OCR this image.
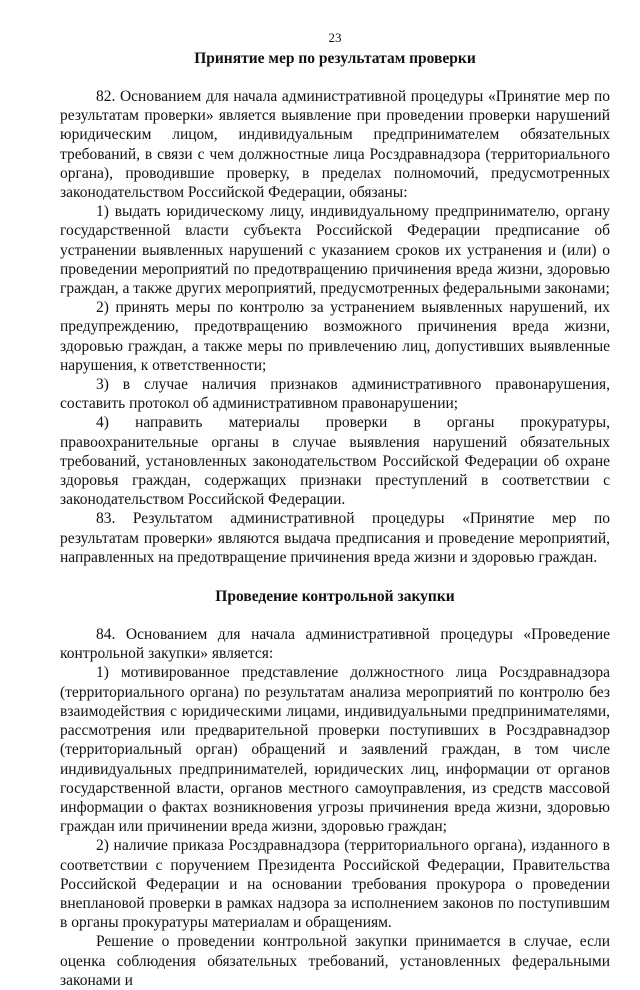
23
Принятие мер по результатам проверки

82. Основанием для начала административной процедуры «Принятие мер по результатам проверки» является выявление при проведении проверки нарушений юридическим лицом, индивидуальным предпринимателем обязательных требований, в связи с чем должностные лица Росздравнадзора (территориального органа), проводившие проверку, в пределах полномочий, предусмотренных законодательством Российской Федерации, обязаны:

1) выдать юридическому лицу, индивидуальному предпринимателю, органу государственной власти субъекта Российской Федерации предписание об устранении выявленных нарушений с указанием сроков их устранения и (или) о проведении мероприятий по предотвращению причинения вреда жизни, здоровью граждан, а также других мероприятий, предусмотренных федеральными законами;

2) принять меры по контролю за устранением выявленных нарушений, их предупреждению, предотвращению возможного причинения вреда жизни, здоровью граждан, а также меры по привлечению лиц, допустивших выявленные нарушения, к ответственности;

3) в случае наличия признаков административного правонарушения, составить протокол об административном правонарушении;

4) направить материалы проверки в органы прокуратуры, правоохранительные органы в случае выявления нарушений обязательных требований, установленных законодательством Российской Федерации об охране здоровья граждан, содержащих признаки преступлений в соответствии с законодательством Российской Федерации.

83. Результатом административной процедуры «Принятие мер по результатам проверки» являются выдача предписания и проведение мероприятий, направленных на предотвращение причинения вреда жизни и здоровью граждан.

Проведение контрольной закупки

84. Основанием для начала административной процедуры «Проведение контрольной закупки» является:

1) мотивированное представление должностного лица Росздравнадзора (территориального органа) по результатам анализа мероприятий по контролю без взаимодействия с юридическими лицами, индивидуальными предпринимателями, рассмотрения или предварительной проверки поступивших в Росздравнадзор (территориальный орган) обращений и заявлений граждан, в том числе индивидуальных предпринимателей, юридических лиц, информации от органов государственной власти, органов местного самоуправления, из средств массовой информации о фактах возникновения угрозы причинения вреда жизни, здоровью граждан или причинении вреда жизни, здоровью граждан;

2) наличие приказа Росздравнадзора (территориального органа), изданного в соответствии с поручением Президента Российской Федерации, Правительства Российской Федерации и на основании требования прокурора о проведении внеплановой проверки в рамках надзора за исполнением законов по поступившим в органы прокуратуры материалам и обращениям.

Решение о проведении контрольной закупки принимается в случае, если оценка соблюдения обязательных требований, установленных федеральными законами и
